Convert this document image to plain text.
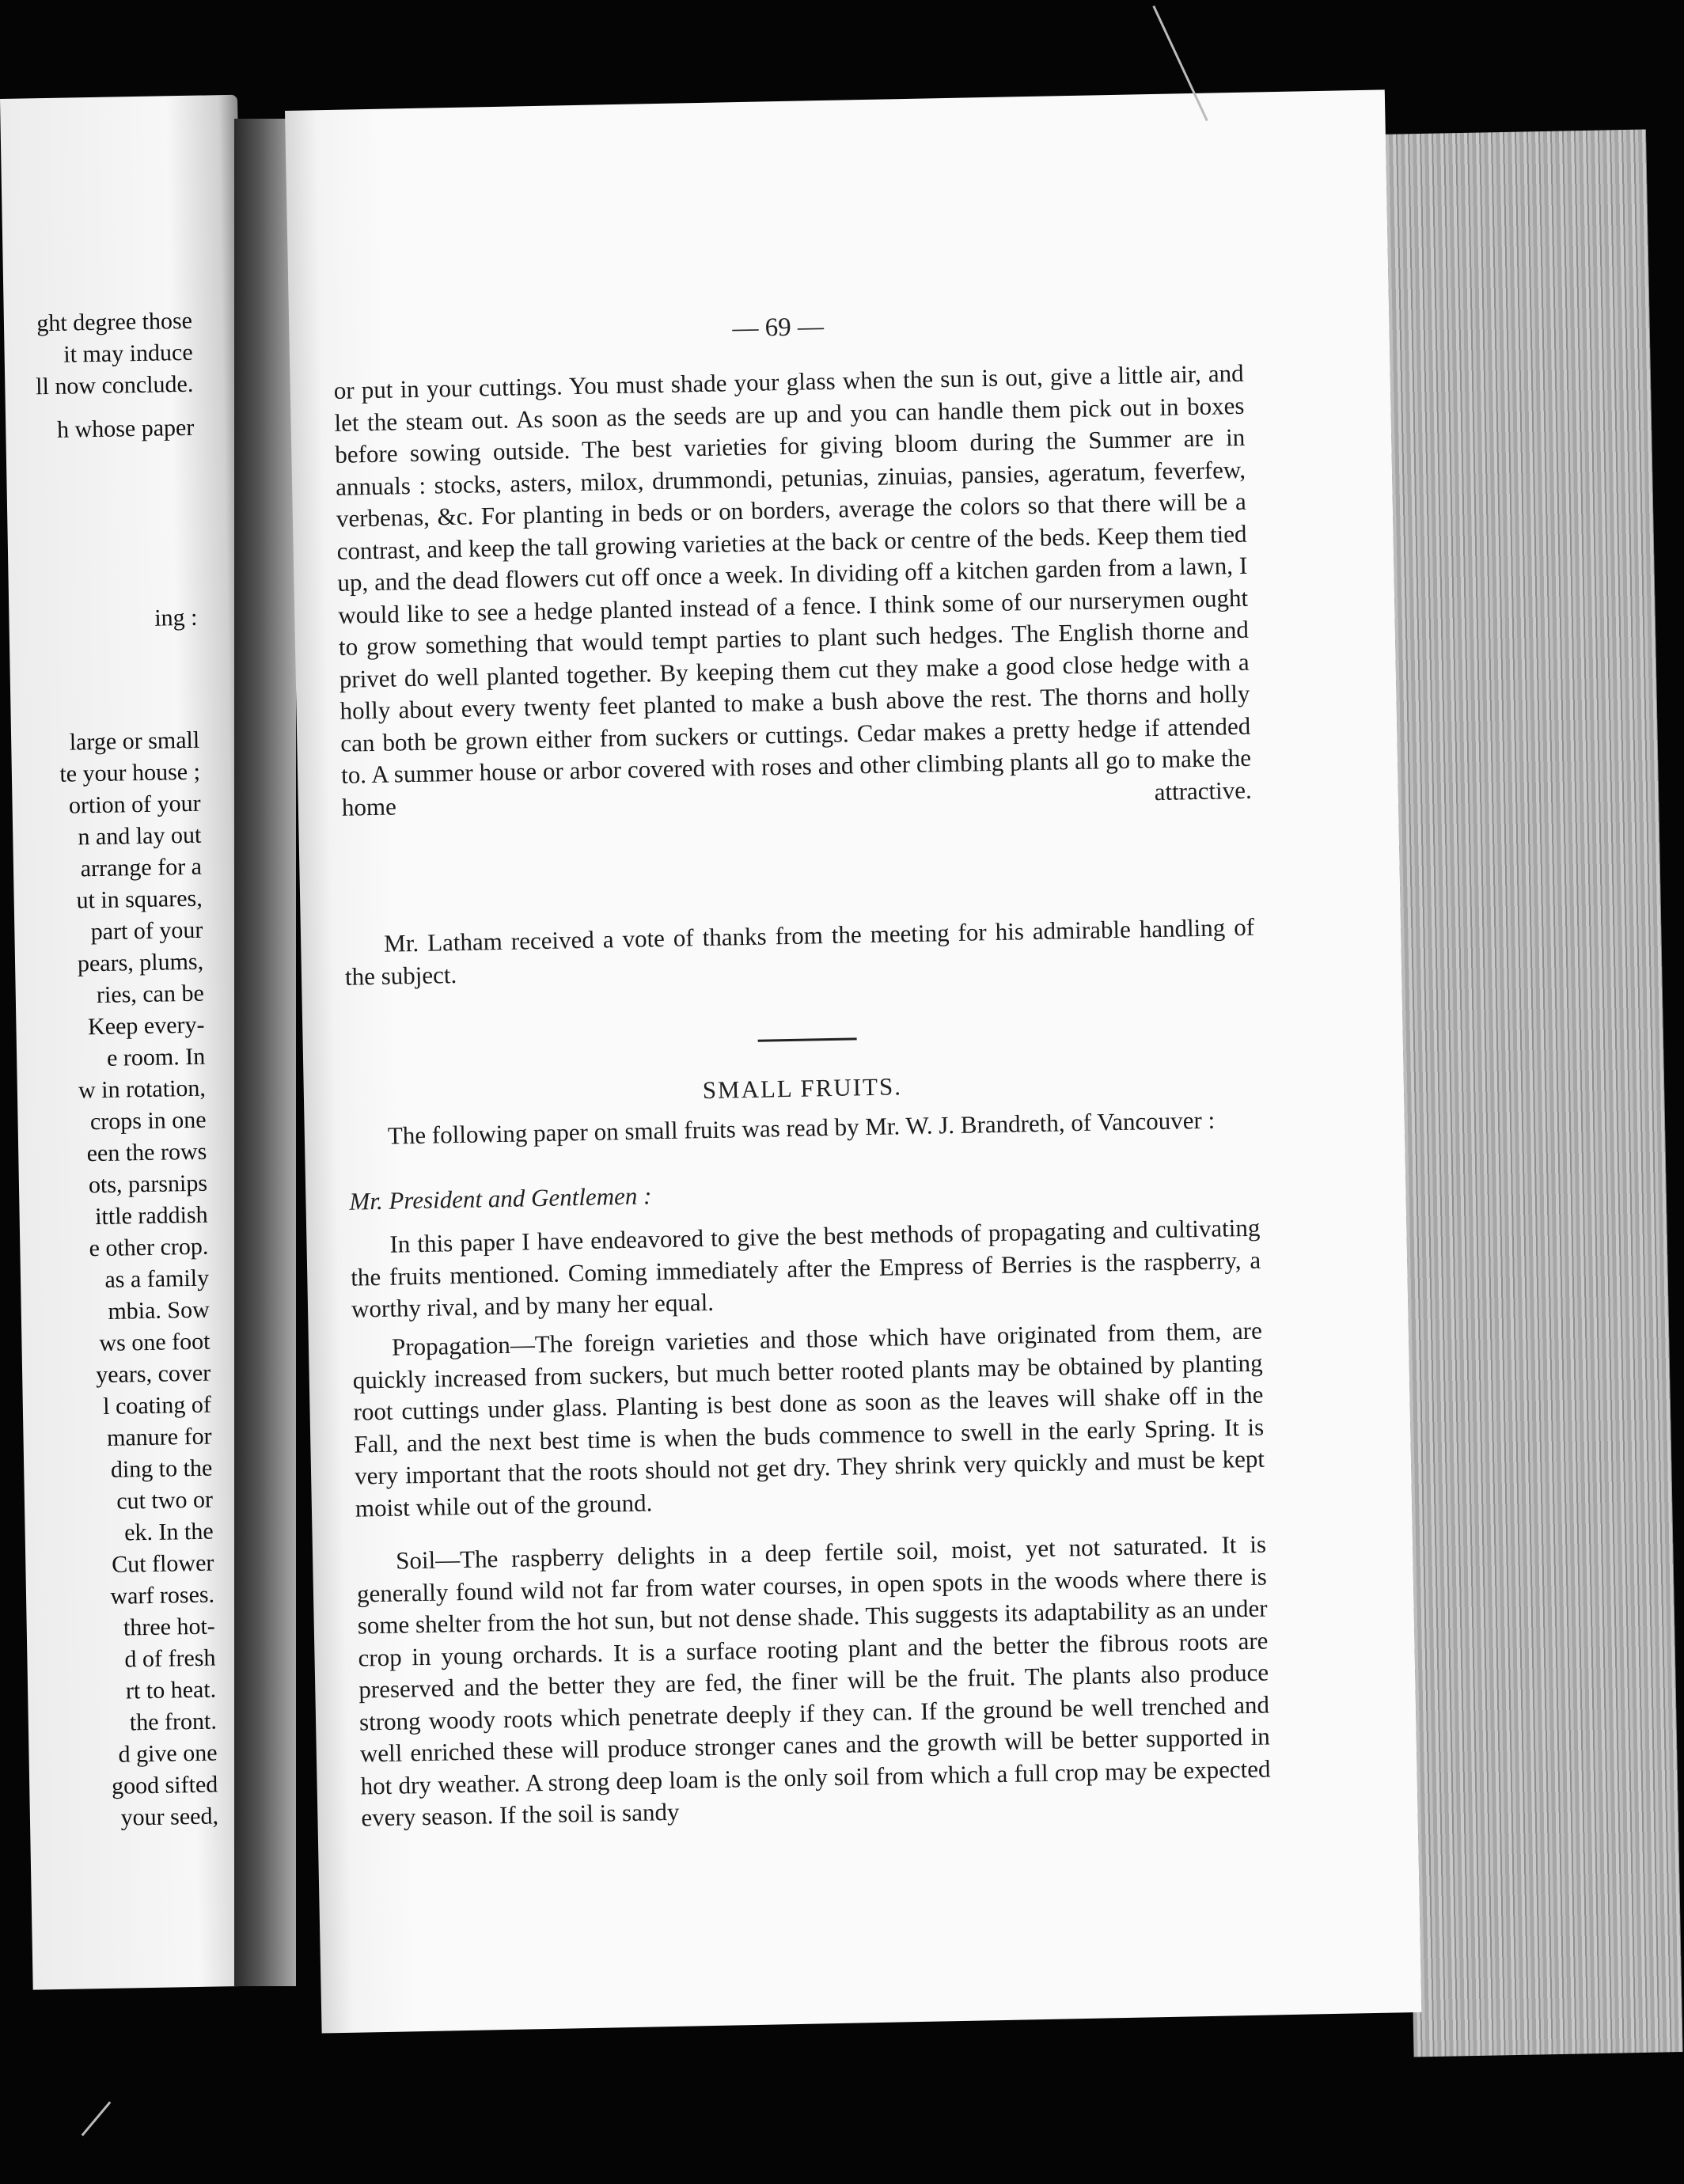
ght degree those
it may induce
ll now conclude.
h whose paper
ing :
large or small
te your house ;
ortion of your
n and lay out
arrange for a
ut in squares,
part of your
pears, plums,
ries, can be
Keep every-
e room. In
w in rotation,
crops in one
een the rows
ots, parsnips
ittle raddish
e other crop.
as a family
mbia. Sow
ws one foot
years, cover
l coating of
manure for
ding to the
cut two or
ek. In the
Cut flower
warf roses.
three hot-
d of fresh
rt to heat.
the front.
d give one
good sifted
your seed,
— 69 —

or put in your cuttings. You must shade your glass when the sun is out, give a little air, and let the steam out. As soon as the seeds are up and you can handle them pick out in boxes before sowing outside. The best varieties for giving bloom during the Summer are in annuals : stocks, asters, milox, drummondi, petunias, zinuias, pansies, ageratum, feverfew, verbenas, &c. For planting in beds or on borders, average the colors so that there will be a contrast, and keep the tall growing varieties at the back or centre of the beds. Keep them tied up, and the dead flowers cut off once a week. In dividing off a kitchen garden from a lawn, I would like to see a hedge planted instead of a fence. I think some of our nurserymen ought to grow something that would tempt parties to plant such hedges. The English thorne and privet do well planted together. By keeping them cut they make a good close hedge with a holly about every twenty feet planted to make a bush above the rest. The thorns and holly can both be grown either from suckers or cuttings. Cedar makes a pretty hedge if attended to. A summer house or arbor covered with roses and other climbing plants all go to make the home attractive.

Mr. Latham received a vote of thanks from the meeting for his admirable handling of the subject.

SMALL FRUITS.

The following paper on small fruits was read by Mr. W. J. Brandreth, of Vancouver :

Mr. President and Gentlemen :

In this paper I have endeavored to give the best methods of propagating and cultivating the fruits mentioned. Coming immediately after the Empress of Berries is the raspberry, a worthy rival, and by many her equal.

Propagation—The foreign varieties and those which have originated from them, are quickly increased from suckers, but much better rooted plants may be obtained by planting root cuttings under glass. Planting is best done as soon as the leaves will shake off in the Fall, and the next best time is when the buds commence to swell in the early Spring. It is very important that the roots should not get dry. They shrink very quickly and must be kept moist while out of the ground.

Soil—The raspberry delights in a deep fertile soil, moist, yet not saturated. It is generally found wild not far from water courses, in open spots in the woods where there is some shelter from the hot sun, but not dense shade. This suggests its adaptability as an under crop in young orchards. It is a surface rooting plant and the better the fibrous roots are preserved and the better they are fed, the finer will be the fruit. The plants also produce strong woody roots which penetrate deeply if they can. If the ground be well trenched and well enriched these will produce stronger canes and the growth will be better supported in hot dry weather. A strong deep loam is the only soil from which a full crop may be expected every season. If the soil is sandy
